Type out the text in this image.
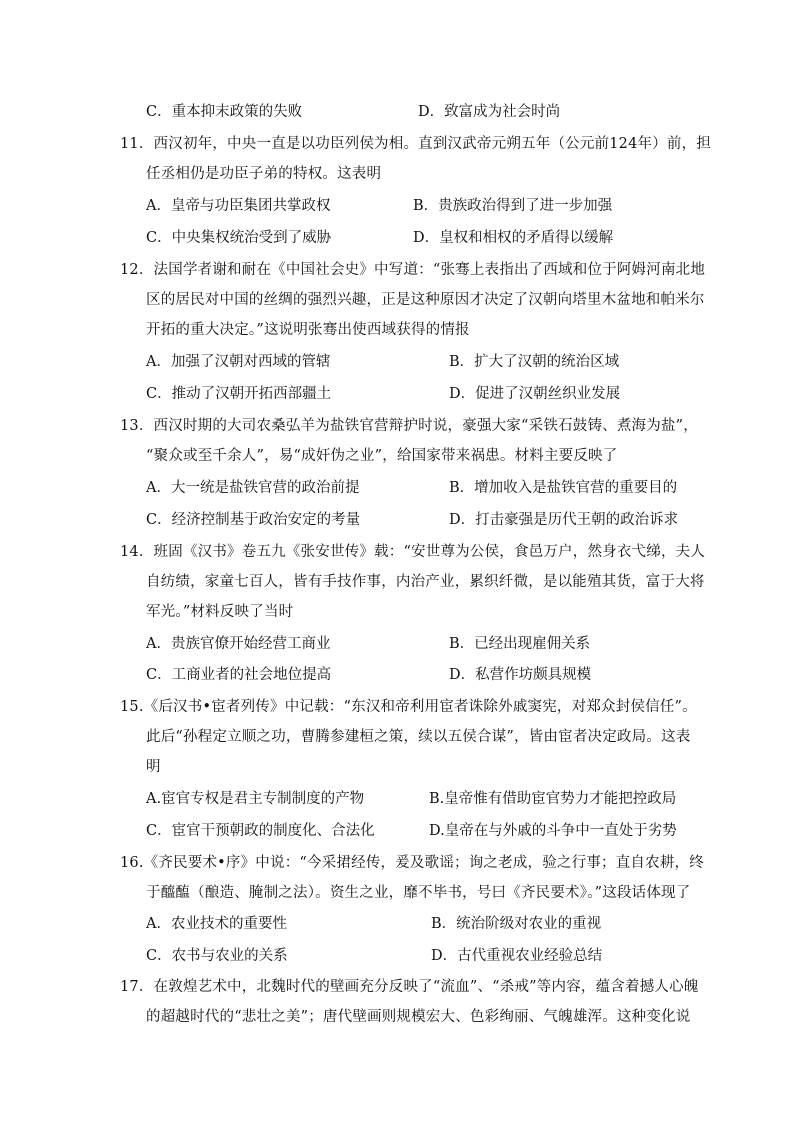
C．重本抑末政策的失败	D．致富成为社会时尚
11．西汉初年，中央一直是以功臣列侯为相。直到汉武帝元朔五年（公元前124年）前，担
任丞相仍是功臣子弟的特权。这表明
A．皇帝与功臣集团共掌政权	B．贵族政治得到了进一步加强
C．中央集权统治受到了威胁	D．皇权和相权的矛盾得以缓解
12．法国学者谢和耐在《中国社会史》中写道：“张骞上表指出了西域和位于阿姆河南北地
区的居民对中国的丝绸的强烈兴趣，正是这种原因才决定了汉朝向塔里木盆地和帕米尔
开拓的重大决定。”这说明张骞出使西域获得的情报
A．加强了汉朝对西域的管辖	B．扩大了汉朝的统治区域
C．推动了汉朝开拓西部疆土	D．促进了汉朝丝织业发展
13．西汉时期的大司农桑弘羊为盐铁官营辩护时说，豪强大家“采铁石鼓铸、煮海为盐”，
“聚众或至千余人”，易“成奸伪之业”，给国家带来祸患。材料主要反映了
A．大一统是盐铁官营的政治前提	B．增加收入是盐铁官营的重要目的
C．经济控制基于政治安定的考量	D．打击豪强是历代王朝的政治诉求
14．班固《汉书》卷五九《张安世传》载：“安世尊为公侯，食邑万户，然身衣弋绨，夫人
自纺绩，家童七百人，皆有手技作事，内治产业，累织纤微，是以能殖其货，富于大将
军光。”材料反映了当时
A．贵族官僚开始经营工商业	B．已经出现雇佣关系
C．工商业者的社会地位提高	D．私营作坊颇具规模
15.《后汉书•宦者列传》中记载：“东汉和帝利用宦者诛除外戚窦宪，对郑众封侯信任”。
此后“孙程定立顺之功，曹腾参建桓之策，续以五侯合谋”，皆由宦者决定政局。这表
明
A.宦官专权是君主专制制度的产物	B.皇帝惟有借助宦官势力才能把控政局
C．宦官干预朝政的制度化、合法化	D.皇帝在与外戚的斗争中一直处于劣势
16.《齐民要术•序》中说：“今采捃经传，爰及歌谣；询之老成，验之行事；直自农耕，终
于醯醢（酿造、腌制之法）。资生之业，靡不毕书，号曰《齐民要术》。”这段话体现了
A．农业技术的重要性	B．统治阶级对农业的重视
C．农书与农业的关系	D．古代重视农业经验总结
17．在敦煌艺术中，北魏时代的壁画充分反映了“流血”、“杀戒”等内容，蕴含着撼人心魄
的超越时代的“悲壮之美”；唐代壁画则规模宏大、色彩绚丽、气魄雄浑。这种变化说
